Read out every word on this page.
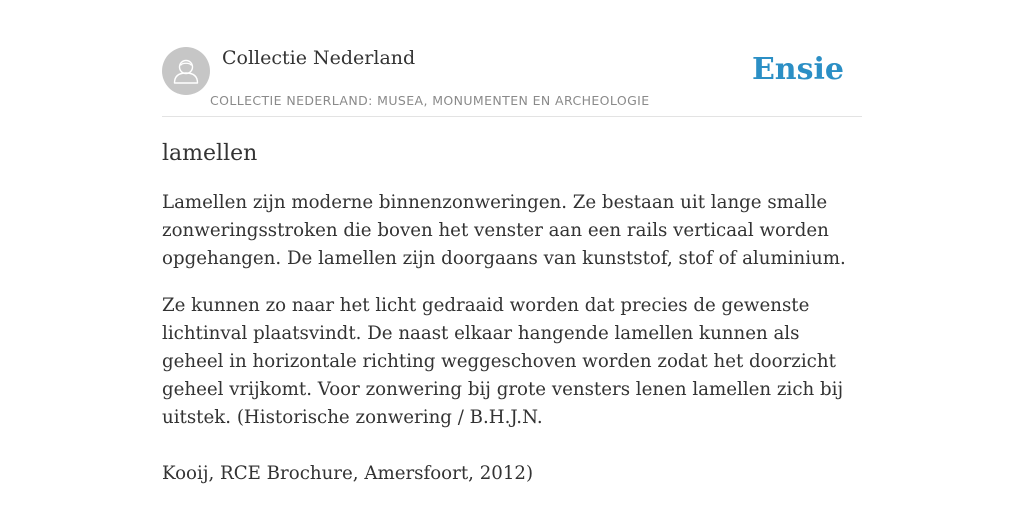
Collectie Nederland
COLLECTIE NEDERLAND: MUSEA, MONUMENTEN EN ARCHEOLOGIE
Ensie
lamellen

Lamellen zijn moderne binnenzonweringen. Ze bestaan uit lange smalle zonweringsstroken die boven het venster aan een rails verticaal worden opgehangen. De lamellen zijn doorgaans van kunststof, stof of aluminium.

Ze kunnen zo naar het licht gedraaid worden dat precies de gewenste lichtinval plaatsvindt. De naast elkaar hangende lamellen kunnen als geheel in horizontale richting weggeschoven worden zodat het doorzicht geheel vrijkomt. Voor zonwering bij grote vensters lenen lamellen zich bij uitstek. (Historische zonwering / B.H.J.N.

Kooij, RCE Brochure, Amersfoort, 2012)
